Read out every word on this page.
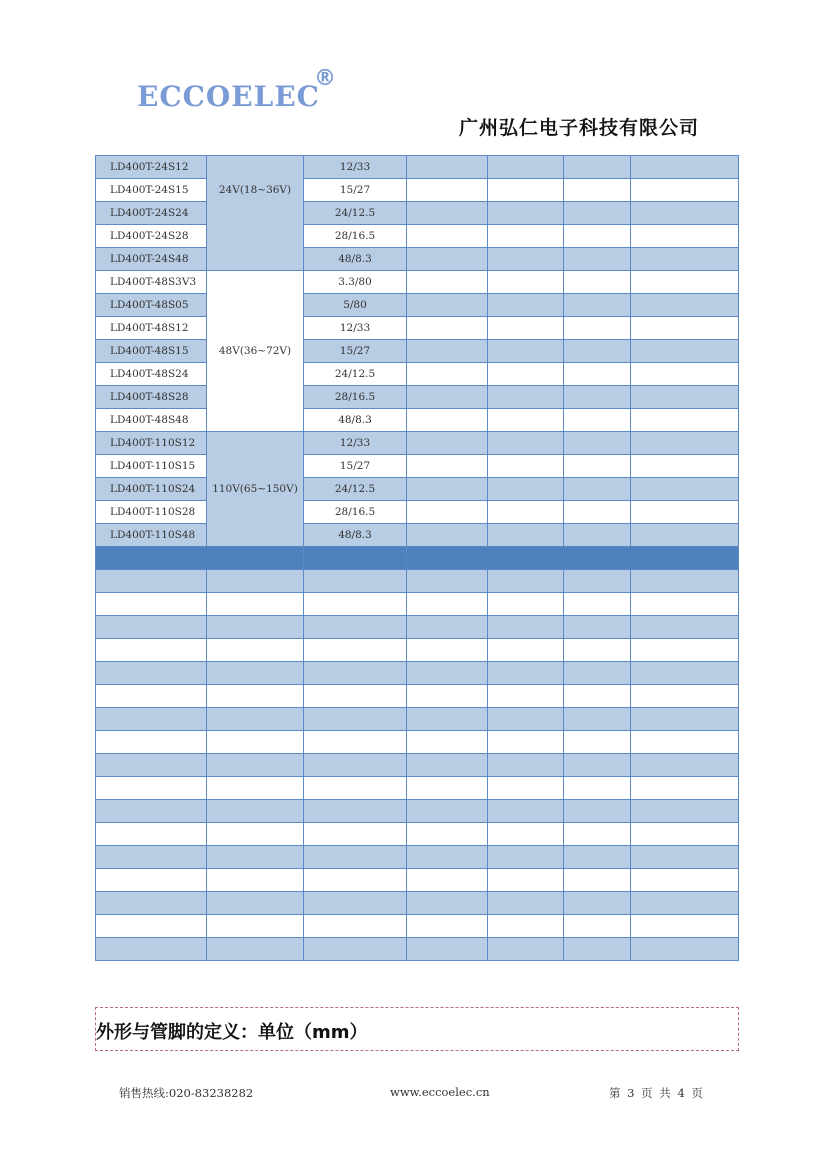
ECCOELEC
®
广州弘仁电子科技有限公司
LD400T-24S12	24V(18~36V)	12/33				
LD400T-24S15		15/27				
LD400T-24S24		24/12.5				
LD400T-24S28		28/16.5				
LD400T-24S48		48/8.3				
LD400T-48S3V3	48V(36~72V)	3.3/80				
LD400T-48S05		5/80				
LD400T-48S12		12/33				
LD400T-48S15		15/27				
LD400T-48S24		24/12.5				
LD400T-48S28		28/16.5				
LD400T-48S48		48/8.3				
LD400T-110S12	110V(65~150V)	12/33				
LD400T-110S15		15/27				
LD400T-110S24		24/12.5				
LD400T-110S28		28/16.5				
LD400T-110S48		48/8.3				

外形与管脚的定义：单位（mm）
销售热线:020-83238282	www.eccoelec.cn	第 3 页 共 4 页
